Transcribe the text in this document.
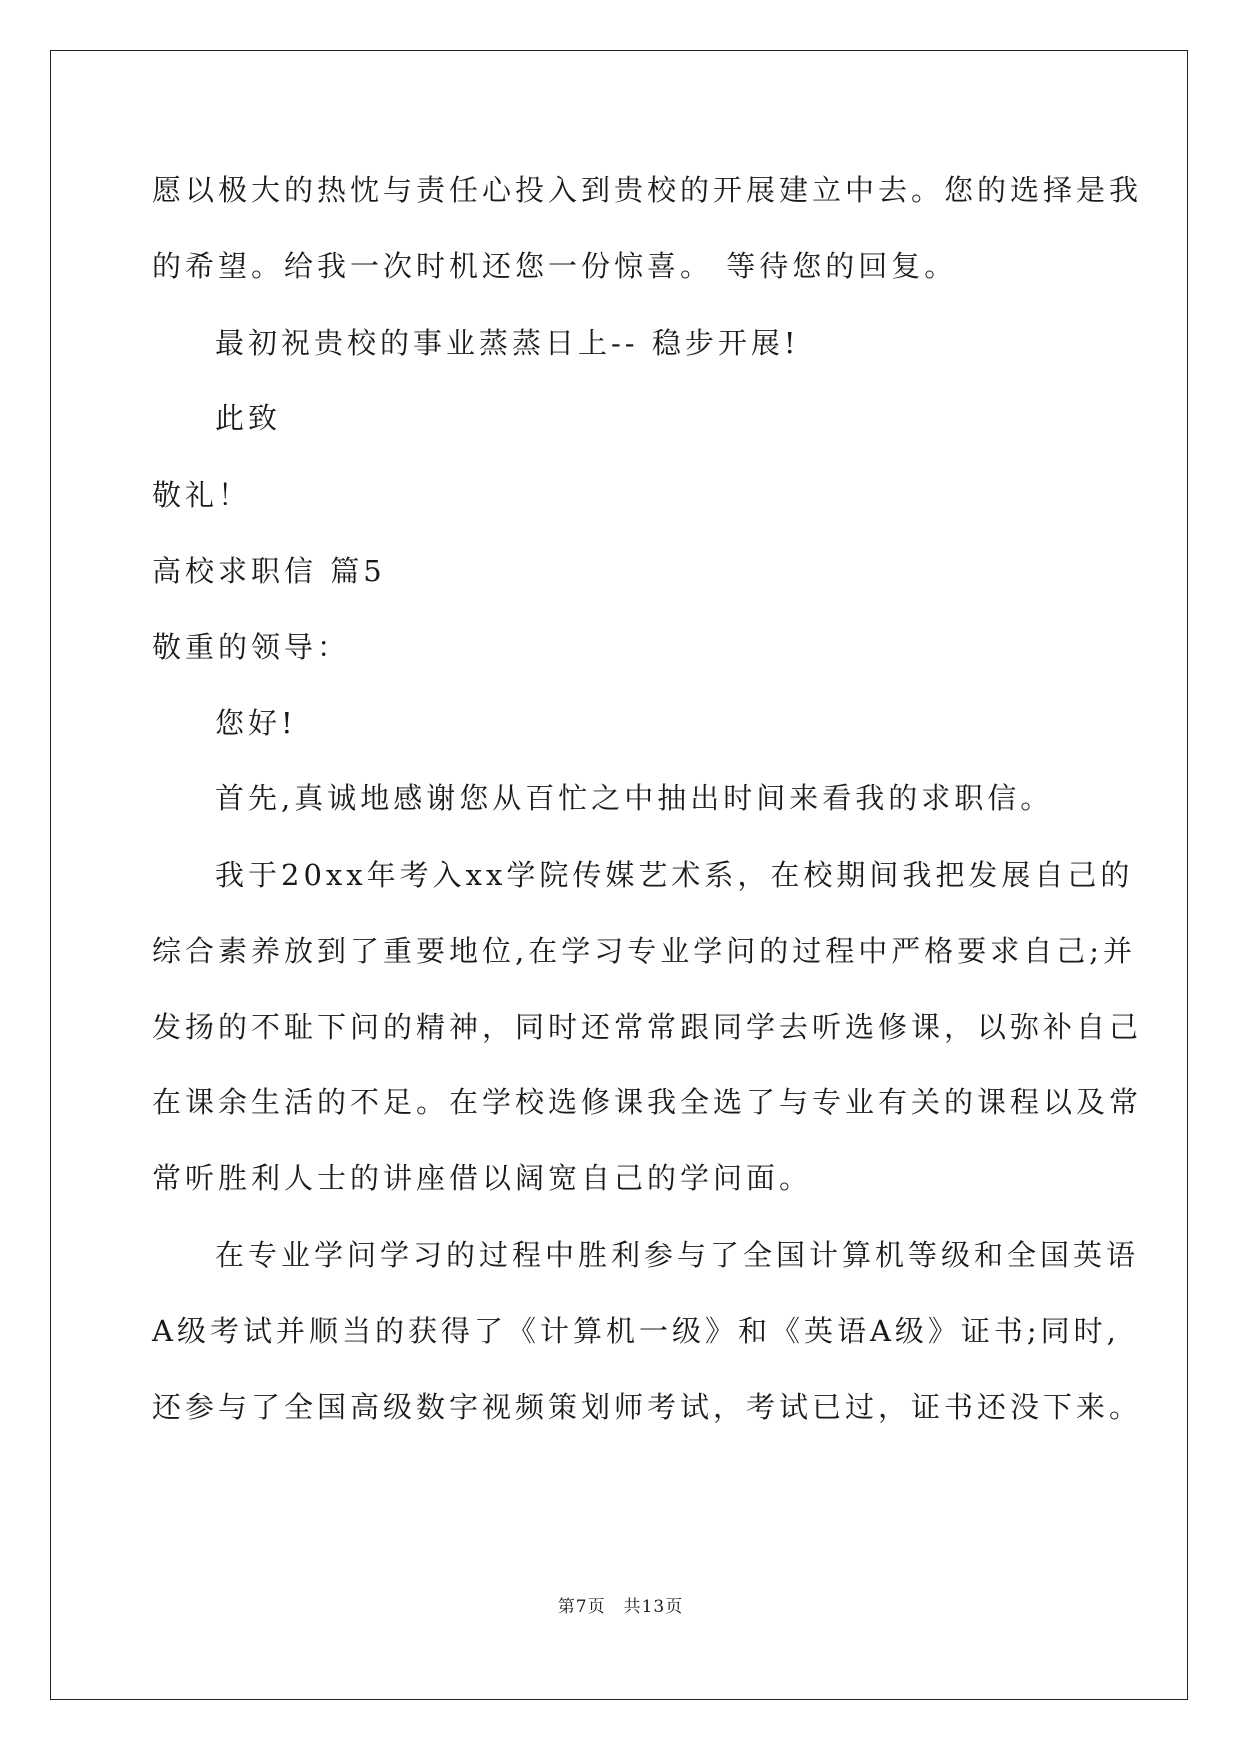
愿以极大的热忱与责任心投入到贵校的开展建立中去。您的选择是我
的希望。给我一次时机还您一份惊喜。 等待您的回复。
最初祝贵校的事业蒸蒸日上-- 稳步开展!
此致
敬礼！
高校求职信 篇5
敬重的领导：
您好!
首先,真诚地感谢您从百忙之中抽出时间来看我的求职信。
我于20xx年考入xx学院传媒艺术系，在校期间我把发展自己的
综合素养放到了重要地位,在学习专业学问的过程中严格要求自己;并
发扬的不耻下问的精神，同时还常常跟同学去听选修课，以弥补自己
在课余生活的不足。在学校选修课我全选了与专业有关的课程以及常
常听胜利人士的讲座借以阔宽自己的学问面。
在专业学问学习的过程中胜利参与了全国计算机等级和全国英语
A级考试并顺当的获得了《计算机一级》和《英语A级》证书;同时,
还参与了全国高级数字视频策划师考试，考试已过，证书还没下来。
第7页 共13页
